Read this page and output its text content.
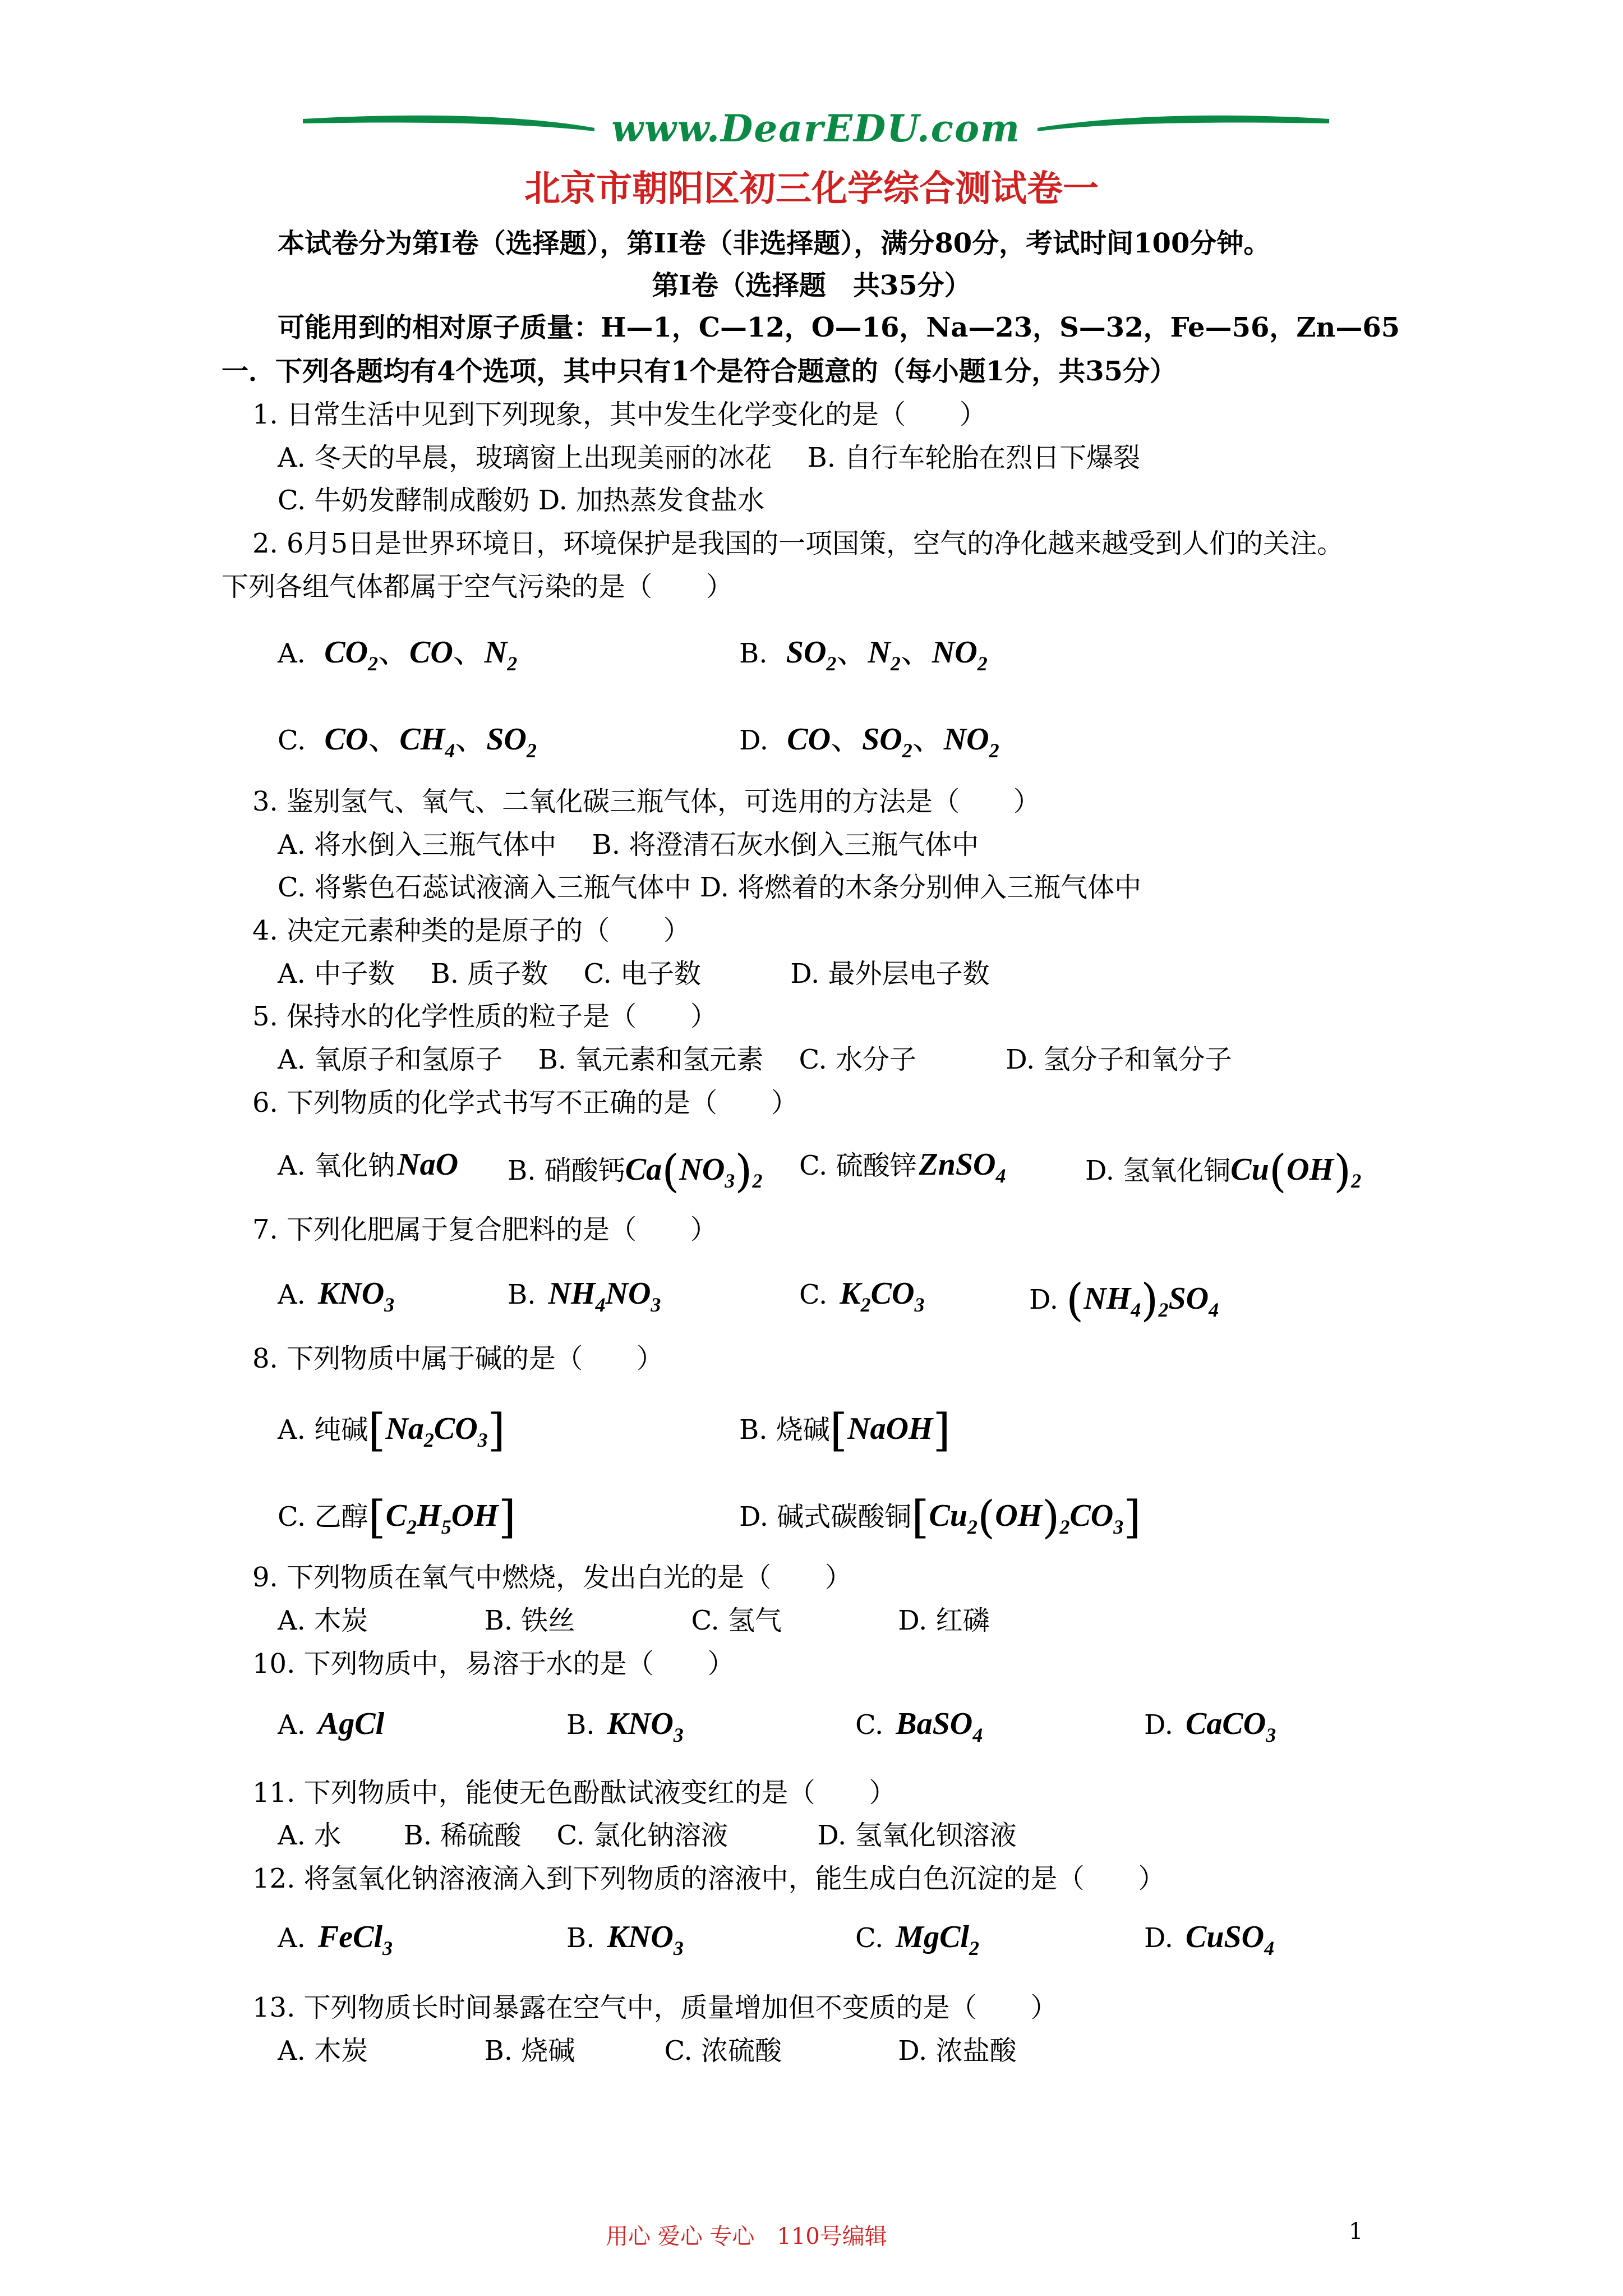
www.DearEDU.com
北京市朝阳区初三化学综合测试卷一
本试卷分为第Ⅰ卷（选择题），第II卷（非选择题），满分80分，考试时间100分钟。
第Ⅰ卷（选择题　共35分）
可能用到的相对原子质量：H—1，C—12，O—16，Na—23，S—32，Fe—56，Zn—65
一．下列各题均有4个选项，其中只有1个是符合题意的（每小题1分，共35分）
1. 日常生活中见到下列现象，其中发生化学变化的是（　　）
A. 冬天的早晨，玻璃窗上出现美丽的冰花　 B. 自行车轮胎在烈日下爆裂
C. 牛奶发酵制成酸奶 D. 加热蒸发食盐水
2. 6月5日是世界环境日，环境保护是我国的一项国策，空气的净化越来越受到人们的关注。
下列各组气体都属于空气污染的是（　　）
A. $CO_2$、CO、$N_2$	B. $SO_2$、$N_2$、$NO_2$
C. CO、$CH_4$、$SO_2$	D. CO、$SO_2$、$NO_2$
3. 鉴别氢气、氧气、二氧化碳三瓶气体，可选用的方法是（　　）
A. 将水倒入三瓶气体中　 B. 将澄清石灰水倒入三瓶气体中
C. 将紫色石蕊试液滴入三瓶气体中 D. 将燃着的木条分别伸入三瓶气体中
4. 决定元素种类的是原子的（　　）
A. 中子数　 B. 质子数　 C. 电子数　　　 D. 最外层电子数
5. 保持水的化学性质的粒子是（　　）
A. 氧原子和氢原子　 B. 氧元素和氢元素　 C. 水分子　　　 D. 氢分子和氧分子
6. 下列物质的化学式书写不正确的是（　　）
A. 氧化钠NaO B. 硝酸钙$Ca(NO_3)_2$ C. 硫酸锌ZnSO$_4$	D. 氢氧化铜$Cu(OH)_2$
7. 下列化肥属于复合肥料的是（　　）
A. $KNO_3$	B. $NH_4NO_3$	C. $K_2CO_3$	D. $(NH_4)_2SO_4$
8. 下列物质中属于碱的是（　　）
A. 纯碱$[Na_2CO_3]$	B. 烧碱[NaOH]
C. 乙醇$[C_2H_5OH]$	D. 碱式碳酸铜$[Cu_2(OH)_2CO_3]$
9. 下列物质在氧气中燃烧，发出白光的是（　　）
A. 木炭　　　　 B. 铁丝　　　　 C. 氢气　　　　 D. 红磷
10. 下列物质中，易溶于水的是（　　）
A. AgCl	B. $KNO_3$	C. BaSO$_4$	D. CaCO$_3$
11. 下列物质中，能使无色酚酞试液变红的是（　　）
A. 水　　 B. 稀硫酸　 C. 氯化钠溶液　　　 D. 氢氧化钡溶液
12. 将氢氧化钠溶液滴入到下列物质的溶液中，能生成白色沉淀的是（　　）
A. FeCl$_3$	B. $KNO_3$	C. MgCl$_2$	D. CuSO$_4$
13. 下列物质长时间暴露在空气中，质量增加但不变质的是（　　）
A. 木炭　　　　 B. 烧碱　　　 C. 浓硫酸　　　　 D. 浓盐酸
用心 爱心 专心　110号编辑	1
